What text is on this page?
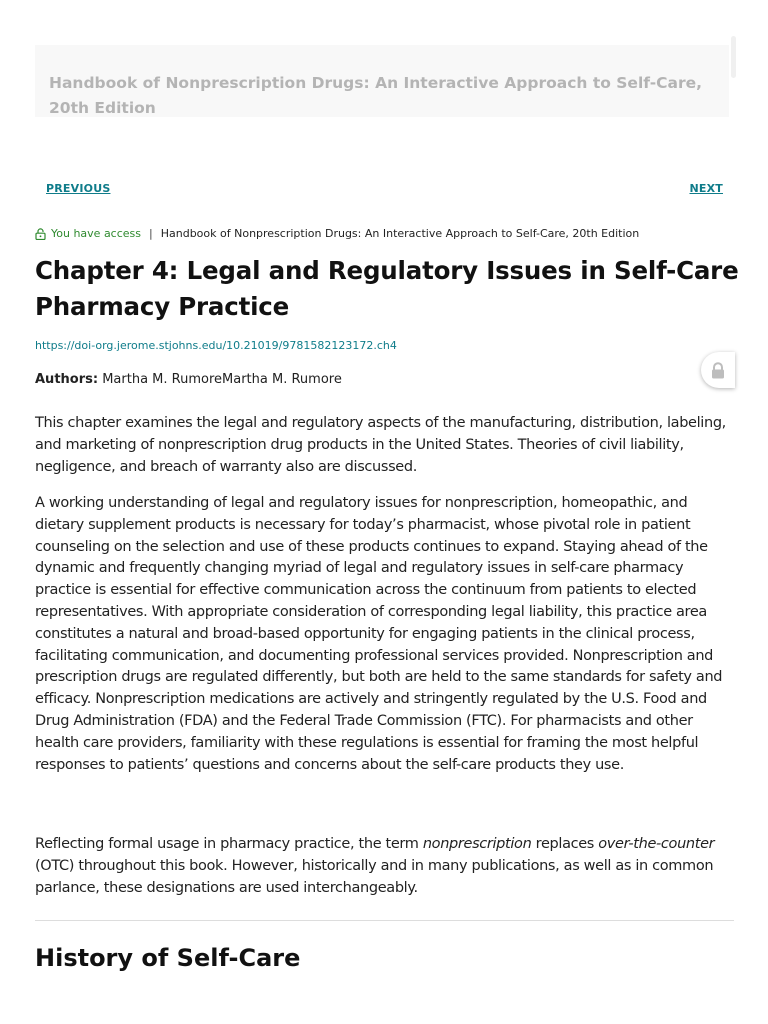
Handbook of Nonprescription Drugs: An Interactive Approach to Self-Care, 20th Edition
PREVIOUS	NEXT
You have access | Handbook of Nonprescription Drugs: An Interactive Approach to Self-Care, 20th Edition
Chapter 4: Legal and Regulatory Issues in Self-Care Pharmacy Practice
https://doi-org.jerome.stjohns.edu/10.21019/9781582123172.ch4
Authors: Martha M. RumoreMartha M. Rumore

This chapter examines the legal and regulatory aspects of the manufacturing, distribution, labeling, and marketing of nonprescription drug products in the United States. Theories of civil liability, negligence, and breach of warranty also are discussed.

A working understanding of legal and regulatory issues for nonprescription, homeopathic, and dietary supplement products is necessary for today’s pharmacist, whose pivotal role in patient counseling on the selection and use of these products continues to expand. Staying ahead of the dynamic and frequently changing myriad of legal and regulatory issues in self-care pharmacy practice is essential for effective communication across the continuum from patients to elected representatives. With appropriate consideration of corresponding legal liability, this practice area constitutes a natural and broad-based opportunity for engaging patients in the clinical process, facilitating communication, and documenting professional services provided. Nonprescription and prescription drugs are regulated differently, but both are held to the same standards for safety and efficacy. Nonprescription medications are actively and stringently regulated by the U.S. Food and Drug Administration (FDA) and the Federal Trade Commission (FTC). For pharmacists and other health care providers, familiarity with these regulations is essential for framing the most helpful responses to patients’ questions and concerns about the self-care products they use.

Reflecting formal usage in pharmacy practice, the term nonprescription replaces over-the-counter (OTC) throughout this book. However, historically and in many publications, as well as in common parlance, these designations are used interchangeably.

History of Self-Care
